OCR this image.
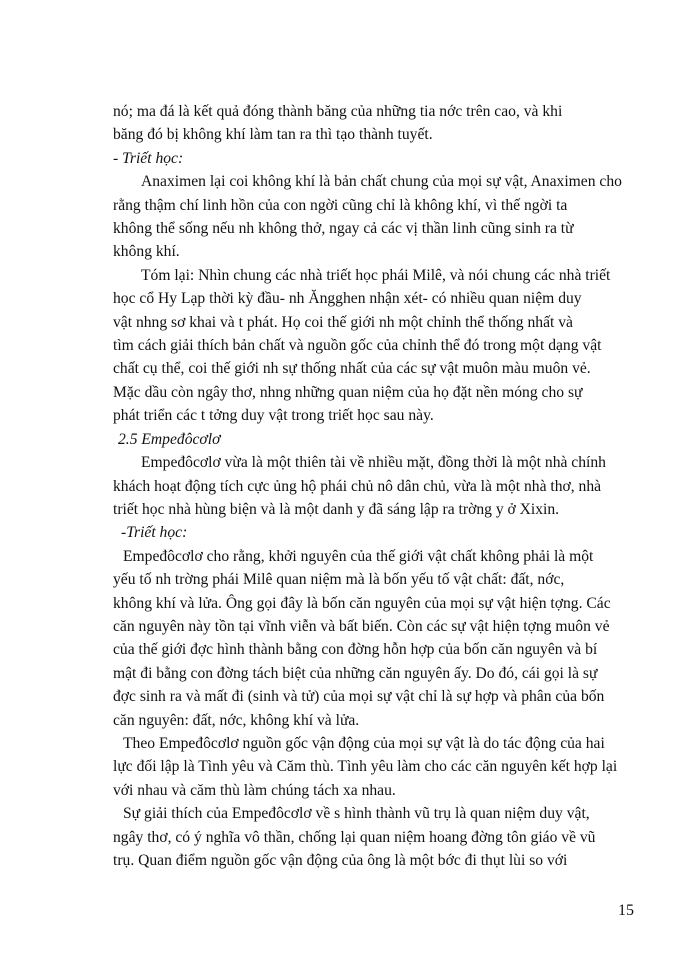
nó; ma đá là kết quả đóng thành băng của những tia nớc trên cao, và khi
băng đó bị không khí làm tan ra thì tạo thành tuyết.
- Triết học:
Anaximen lại coi không khí là bản chất chung của mọi sự vật, Anaximen cho
rằng thậm chí linh hồn của con ngời cũng chỉ là không khí, vì thế ngời ta
không thể sống nếu nh không thở, ngay cả các vị thần linh cũng sinh ra từ
không khí.
Tóm lại: Nhìn chung các nhà triết học phái Milê, và nói chung các nhà triết
học cổ Hy Lạp thời kỳ đầu- nh Ăngghen nhận xét- có nhiều quan niệm duy
vật nhng sơ khai và t phát. Họ coi thế giới nh một chỉnh thể thống nhất và
tìm cách giải thích bản chất và nguồn gốc của chỉnh thể đó trong một dạng vật
chất cụ thể, coi thế giới nh sự thống nhất của các sự vật muôn màu muôn vẻ.
Mặc dầu còn ngây thơ, nhng những quan niệm của họ đặt nền móng cho sự
phát triển các t tởng duy vật trong triết học sau này.
2.5 Empeđôcơlơ
Empeđôcơlơ vừa là một thiên tài về nhiều mặt, đồng thời là một nhà chính
khách hoạt động tích cực ủng hộ phái chủ nô dân chủ, vừa là một nhà thơ, nhà
triết học nhà hùng biện và là một danh y đã sáng lập ra trờng y ở Xixin.
-Triết học:
Empeđôcơlơ cho rằng, khởi nguyên của thế giới vật chất không phải là một
yếu tố nh trờng phái Milê quan niệm mà là bốn yếu tố vật chất: đất, nớc,
không khí và lửa. Ông gọi đây là bốn căn nguyên của mọi sự vật hiện tợng. Các
căn nguyên này tồn tại vĩnh viễn và bất biến. Còn các sự vật hiện tợng muôn vẻ
của thế giới đợc hình thành bằng con đờng hỗn hợp của bốn căn nguyên và bí
mật đi bằng con đờng tách biệt của những căn nguyên ấy. Do đó, cái gọi là sự
đợc sinh ra và mất đi (sinh và tử) của mọi sự vật chỉ là sự hợp và phân của bốn
căn nguyên: đất, nớc, không khí và lửa.
Theo Empeđôcơlơ nguồn gốc vận động của mọi sự vật là do tác động của hai
lực đối lập là Tình yêu và Căm thù. Tình yêu làm cho các căn nguyên kết hợp lại
với nhau và căm thù làm chúng tách xa nhau.
Sự giải thích của Empeđôcơlơ về s hình thành vũ trụ là quan niệm duy vật,
ngây thơ, có ý nghĩa vô thần, chống lại quan niệm hoang đờng tôn giáo về vũ
trụ. Quan điểm nguồn gốc vận động của ông là một bớc đi thụt lùi so với
15
